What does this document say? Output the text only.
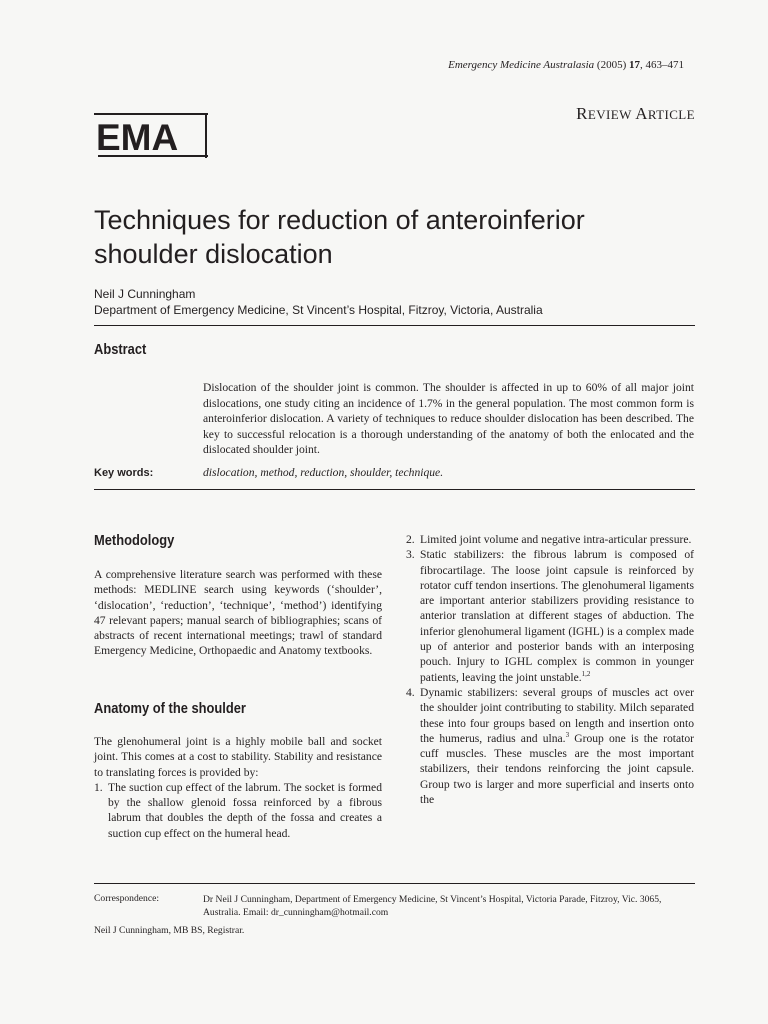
Emergency Medicine Australasia (2005) 17, 463–471
EMA
REVIEW ARTICLE
Techniques for reduction of anteroinferior
shoulder dislocation
Neil J Cunningham
Department of Emergency Medicine, St Vincent’s Hospital, Fitzroy, Victoria, Australia
Abstract
Dislocation of the shoulder joint is common. The shoulder is affected in up to 60% of all major joint dislocations, one study citing an incidence of 1.7% in the general population. The most common form is anteroinferior dislocation. A variety of techniques to reduce shoulder dislocation has been described. The key to successful relocation is a thorough understanding of the anatomy of both the enlocated and the dislocated shoulder joint.
Key words:	dislocation, method, reduction, shoulder, technique.
Methodology

A comprehensive literature search was performed with these methods: MEDLINE search using keywords (‘shoulder’, ‘dislocation’, ‘reduction’, ‘technique’, ‘method’) identifying 47 relevant papers; manual search of bibliographies; scans of abstracts of recent international meetings; trawl of standard Emergency Medicine, Orthopaedic and Anatomy textbooks.

Anatomy of the shoulder

The glenohumeral joint is a highly mobile ball and socket joint. This comes at a cost to stability. Stability and resistance to translating forces is provided by:

1. The suction cup effect of the labrum. The socket is formed by the shallow glenoid fossa reinforced by a fibrous labrum that doubles the depth of the fossa and creates a suction cup effect on the humeral head.
2. Limited joint volume and negative intra-articular pressure.
3. Static stabilizers: the fibrous labrum is composed of fibrocartilage. The loose joint capsule is reinforced by rotator cuff tendon insertions. The glenohumeral ligaments are important anterior stabilizers providing resistance to anterior translation at different stages of abduction. The inferior glenohumeral ligament (IGHL) is a complex made up of anterior and posterior bands with an interposing pouch. Injury to IGHL complex is common in younger patients, leaving the joint unstable.$^{1,2}$
4. Dynamic stabilizers: several groups of muscles act over the shoulder joint contributing to stability. Milch separated these into four groups based on length and insertion onto the humerus, radius and ulna.$^3$ Group one is the rotator cuff muscles. These muscles are the most important stabilizers, their tendons reinforcing the joint capsule. Group two is larger and more superficial and inserts onto the
Correspondence:	Dr Neil J Cunningham, Department of Emergency Medicine, St Vincent’s Hospital, Victoria Parade, Fitzroy, Vic. 3065, Australia. Email: dr_cunningham@hotmail.com
Neil J Cunningham, MB BS, Registrar.
